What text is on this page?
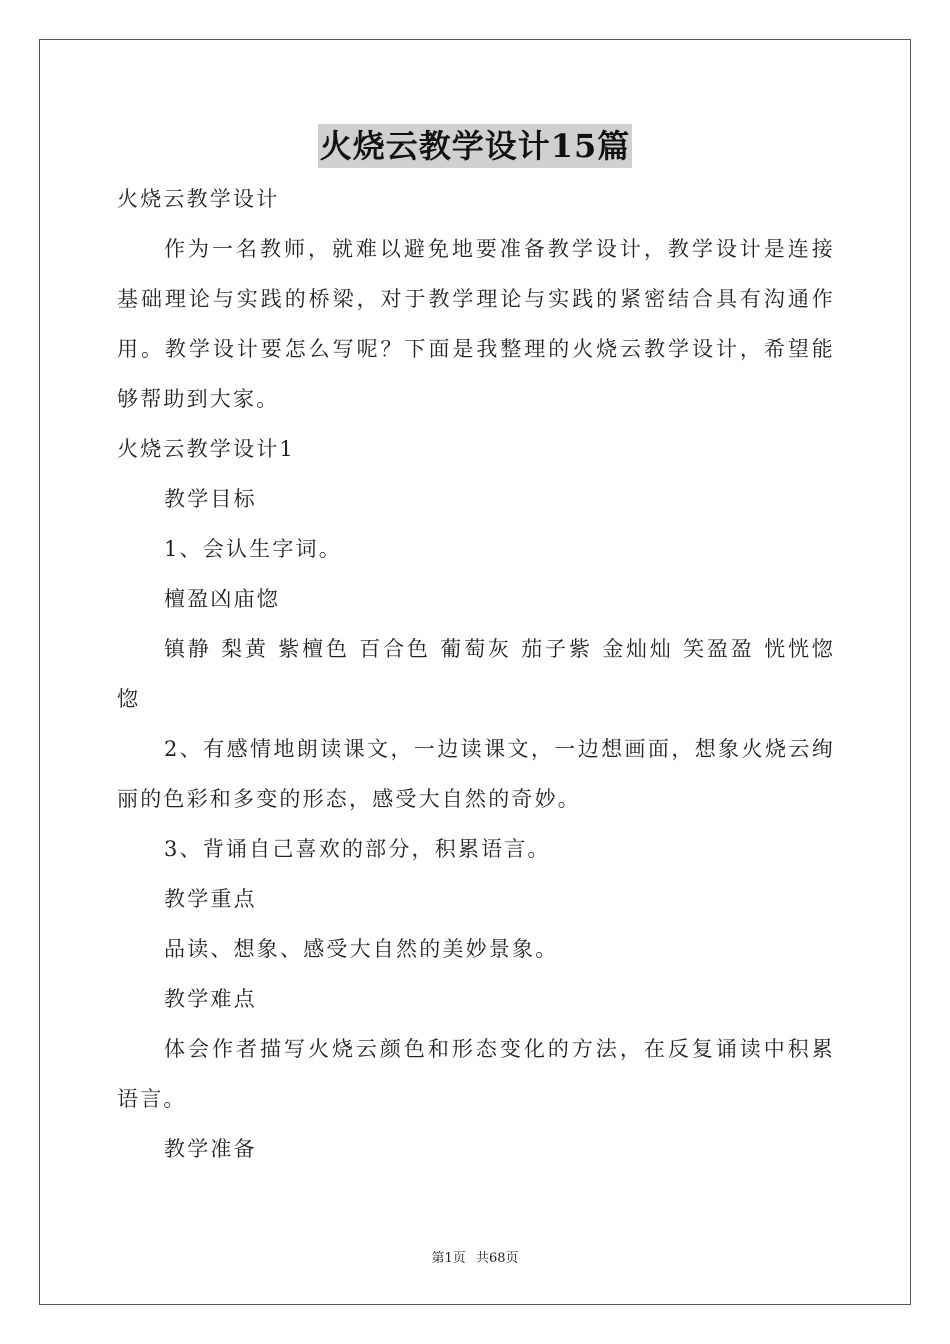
火烧云教学设计15篇

火烧云教学设计

作为一名教师，就难以避免地要准备教学设计，教学设计是连接基础理论与实践的桥梁，对于教学理论与实践的紧密结合具有沟通作用。教学设计要怎么写呢？下面是我整理的火烧云教学设计，希望能够帮助到大家。

火烧云教学设计1

教学目标

1、会认生字词。

檀盈凶庙惚

镇静 梨黄 紫檀色 百合色 葡萄灰 茄子紫 金灿灿 笑盈盈 恍恍惚惚

2、有感情地朗读课文，一边读课文，一边想画面，想象火烧云绚丽的色彩和多变的形态，感受大自然的奇妙。

3、背诵自己喜欢的部分，积累语言。

教学重点

品读、想象、感受大自然的美妙景象。

教学难点

体会作者描写火烧云颜色和形态变化的方法，在反复诵读中积累语言。

教学准备

第1页 共68页
